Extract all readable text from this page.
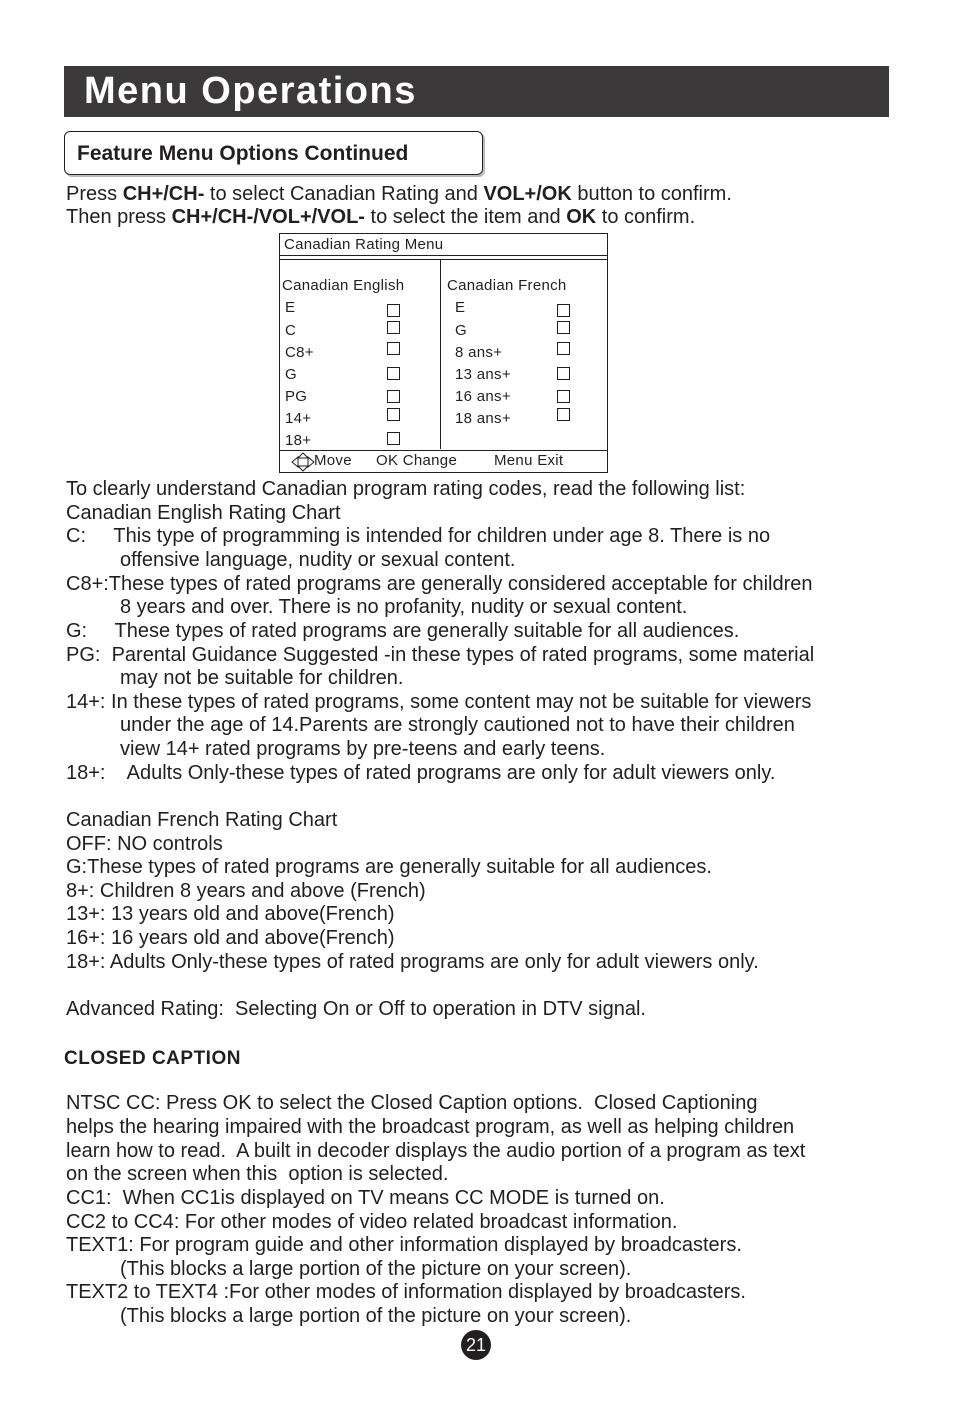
Menu Operations
Feature Menu Options Continued
Press CH+/CH- to select Canadian Rating and VOL+/OK button to confirm.
Then press CH+/CH-/VOL+/VOL- to select the item and OK to confirm.
Canadian Rating Menu
Canadian English	Canadian French
E
C
C8+
G
PG
14+
18+
E
G
8 ans+
13 ans+
16 ans+
18 ans+
Move OK Change Menu Exit
To clearly understand Canadian program rating codes, read the following list:
Canadian English Rating Chart
C:     This type of programming is intended for children under age 8. There is no
offensive language, nudity or sexual content.
C8+:These types of rated programs are generally considered acceptable for children
8 years and over. There is no profanity, nudity or sexual content.
G:     These types of rated programs are generally suitable for all audiences.
PG:  Parental Guidance Suggested -in these types of rated programs, some material
may not be suitable for children.
14+: In these types of rated programs, some content may not be suitable for viewers
under the age of 14.Parents are strongly cautioned not to have their children
view 14+ rated programs by pre-teens and early teens.
18+:    Adults Only-these types of rated programs are only for adult viewers only.
Canadian French Rating Chart
OFF: NO controls
G:These types of rated programs are generally suitable for all audiences.
8+: Children 8 years and above (French)
13+: 13 years old and above(French)
16+: 16 years old and above(French)
18+: Adults Only-these types of rated programs are only for adult viewers only.
Advanced Rating:  Selecting On or Off to operation in DTV signal.
CLOSED CAPTION
NTSC CC: Press OK to select the Closed Caption options.  Closed Captioning
helps the hearing impaired with the broadcast program, as well as helping children
learn how to read.  A built in decoder displays the audio portion of a program as text
on the screen when this  option is selected.
CC1:  When CC1is displayed on TV means CC MODE is turned on.
CC2 to CC4: For other modes of video related broadcast information.
TEXT1: For program guide and other information displayed by broadcasters.
(This blocks a large portion of the picture on your screen).
TEXT2 to TEXT4 :For other modes of information displayed by broadcasters.
(This blocks a large portion of the picture on your screen).
21
